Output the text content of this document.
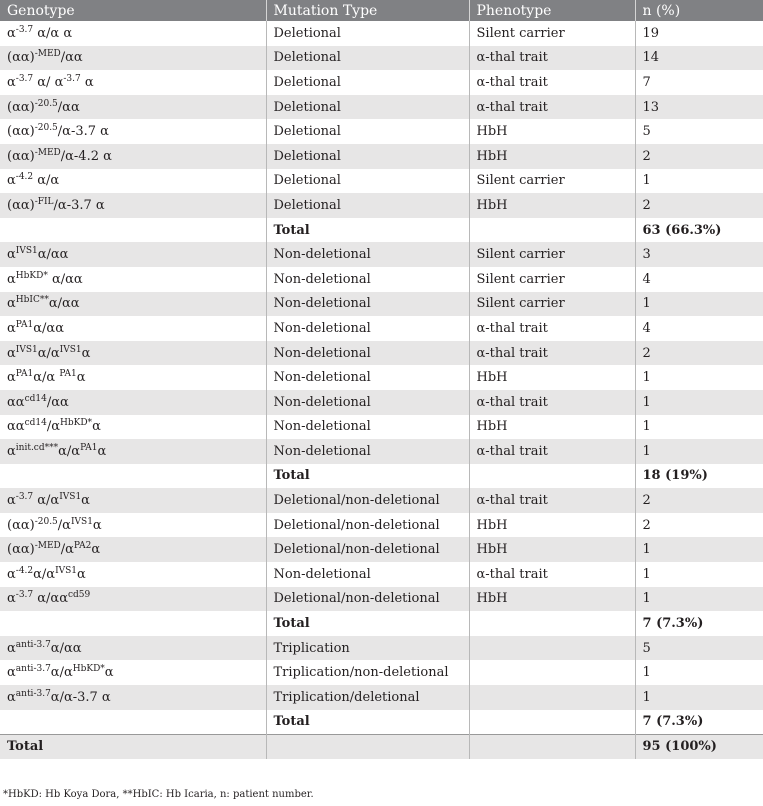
Genotype	Mutation Type	Phenotype	n (%)
$\alpha^{-3.7}$ α/α α	Deletional	Silent carrier	19
$(\alpha\alpha)^{-MED}/\alpha\alpha$	Deletional	α-thal trait	14
$\alpha^{-3.7}$ α/ $\alpha^{-3.7}$ α	Deletional	α-thal trait	7
$(\alpha\alpha)^{-20.5}/\alpha\alpha$	Deletional	α-thal trait	13
$(\alpha\alpha)^{-20.5}/\alpha-3.7$ α	Deletional	HbH	5
$(\alpha\alpha)^{-MED}/\alpha-4.2$ α	Deletional	HbH	2
$\alpha^{-4.2}$ α/α	Deletional	Silent carrier	1
$(\alpha\alpha)^{-FIL}/\alpha-3.7$ α	Deletional	HbH	2
	Total		63 (66.3%)
$\alpha^{IVS1}\alpha/\alpha\alpha$	Non-deletional	Silent carrier	3
$\alpha^{HbKD*}$ α/αα	Non-deletional	Silent carrier	4
$\alpha^{HbIC**}\alpha/\alpha\alpha$	Non-deletional	Silent carrier	1
$\alpha^{PA1}\alpha/\alpha\alpha$	Non-deletional	α-thal trait	4
$\alpha^{IVS1}\alpha/\alpha^{IVS1}\alpha$	Non-deletional	α-thal trait	2
$\alpha^{PA1}\alpha/\alpha$ $^{PA1}$α	Non-deletional	HbH	1
$\alpha\alpha^{cd14}/\alpha\alpha$	Non-deletional	α-thal trait	1
$\alpha\alpha^{cd14}/\alpha^{HbKD*}\alpha$	Non-deletional	HbH	1
$\alpha^{init.cd***}\alpha/\alpha^{PA1}\alpha$	Non-deletional	α-thal trait	1
	Total		18 (19%)
$\alpha^{-3.7}$ $\alpha/\alpha^{IVS1}\alpha$	Deletional/non-deletional	α-thal trait	2
$(\alpha\alpha)^{-20.5}/\alpha^{IVS1}\alpha$	Deletional/non-deletional	HbH	2
$(\alpha\alpha)^{-MED}/\alpha^{PA2}\alpha$	Deletional/non-deletional	HbH	1
$\alpha^{-4.2}\alpha/\alpha^{IVS1}\alpha$	Non-deletional	α-thal trait	1
$\alpha^{-3.7}$ $\alpha/\alpha\alpha^{cd59}$	Deletional/non-deletional	HbH	1
	Total		7 (7.3%)
$\alpha^{anti-3.7}\alpha/\alpha\alpha$	Triplication		5
$\alpha^{anti-3.7}\alpha/\alpha^{HbKD*}\alpha$	Triplication/non-deletional		1
$\alpha^{anti-3.7}\alpha/\alpha-3.7$ α	Triplication/deletional		1
	Total		7 (7.3%)
Total			95 (100%)
*HbKD: Hb Koya Dora, **HbIC: Hb Icaria, n: patient number.
